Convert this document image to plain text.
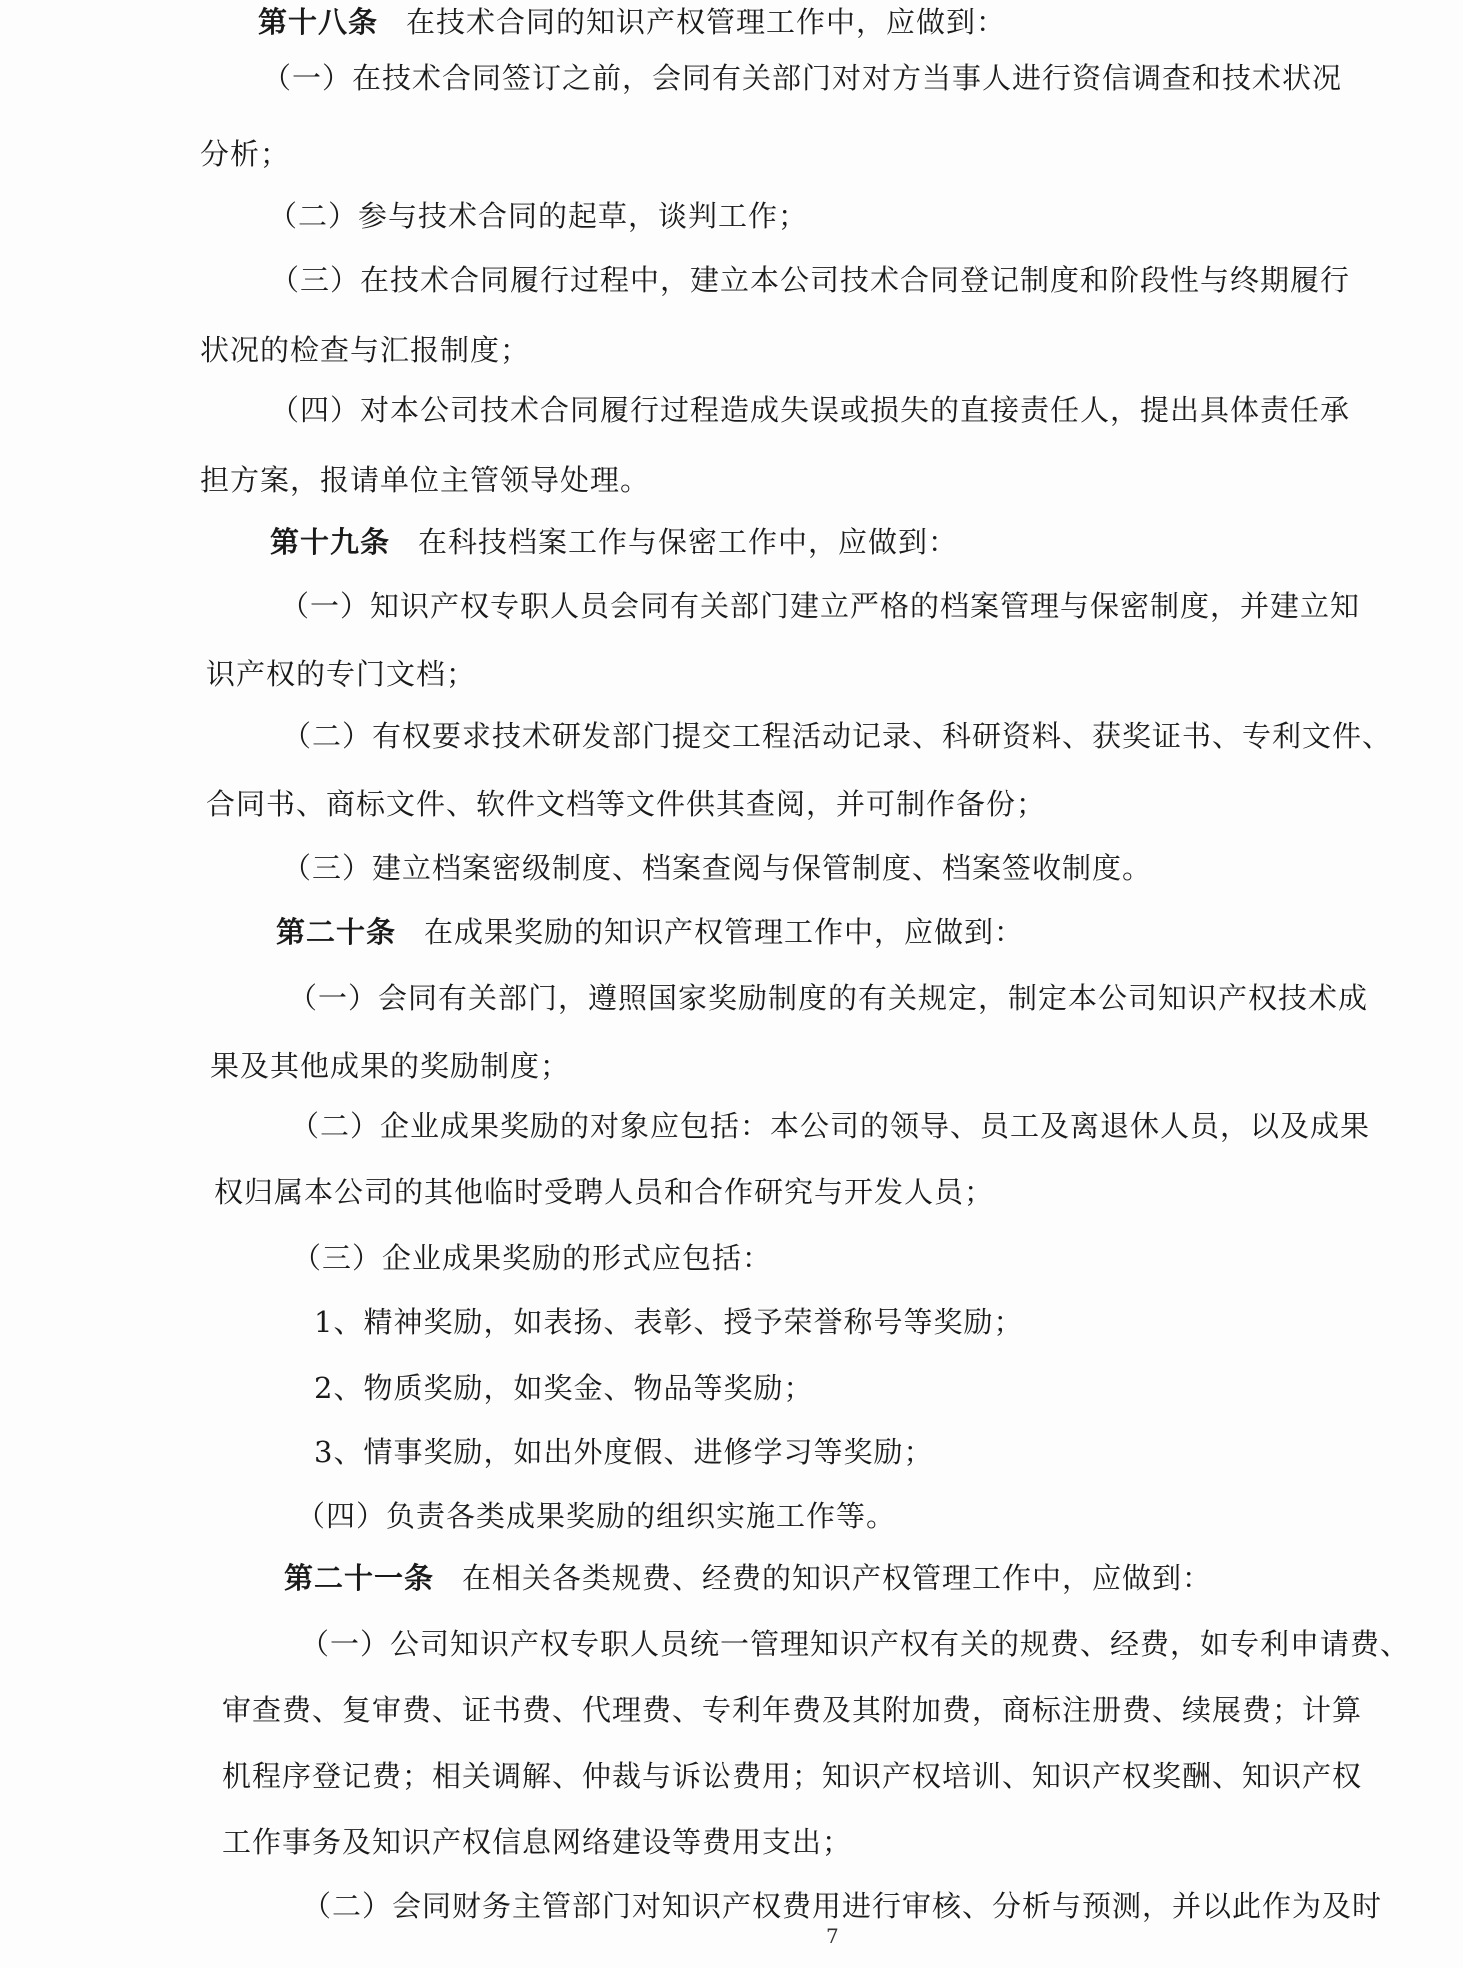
第十八条 在技术合同的知识产权管理工作中，应做到：
（一）在技术合同签订之前，会同有关部门对对方当事人进行资信调查和技术状况
分析；
（二）参与技术合同的起草，谈判工作；
（三）在技术合同履行过程中，建立本公司技术合同登记制度和阶段性与终期履行
状况的检查与汇报制度；
（四）对本公司技术合同履行过程造成失误或损失的直接责任人，提出具体责任承
担方案，报请单位主管领导处理。
第十九条 在科技档案工作与保密工作中，应做到：
（一）知识产权专职人员会同有关部门建立严格的档案管理与保密制度，并建立知
识产权的专门文档；
（二）有权要求技术研发部门提交工程活动记录、科研资料、获奖证书、专利文件、
合同书、商标文件、软件文档等文件供其查阅，并可制作备份；
（三）建立档案密级制度、档案查阅与保管制度、档案签收制度。
第二十条 在成果奖励的知识产权管理工作中，应做到：
（一）会同有关部门，遵照国家奖励制度的有关规定，制定本公司知识产权技术成
果及其他成果的奖励制度；
（二）企业成果奖励的对象应包括：本公司的领导、员工及离退休人员，以及成果
权归属本公司的其他临时受聘人员和合作研究与开发人员；
（三）企业成果奖励的形式应包括：
1、精神奖励，如表扬、表彰、授予荣誉称号等奖励；
2、物质奖励，如奖金、物品等奖励；
3、情事奖励，如出外度假、进修学习等奖励；
（四）负责各类成果奖励的组织实施工作等。
第二十一条 在相关各类规费、经费的知识产权管理工作中，应做到：
（一）公司知识产权专职人员统一管理知识产权有关的规费、经费，如专利申请费、
审查费、复审费、证书费、代理费、专利年费及其附加费，商标注册费、续展费；计算
机程序登记费；相关调解、仲裁与诉讼费用；知识产权培训、知识产权奖酬、知识产权
工作事务及知识产权信息网络建设等费用支出；
（二）会同财务主管部门对知识产权费用进行审核、分析与预测，并以此作为及时
7
